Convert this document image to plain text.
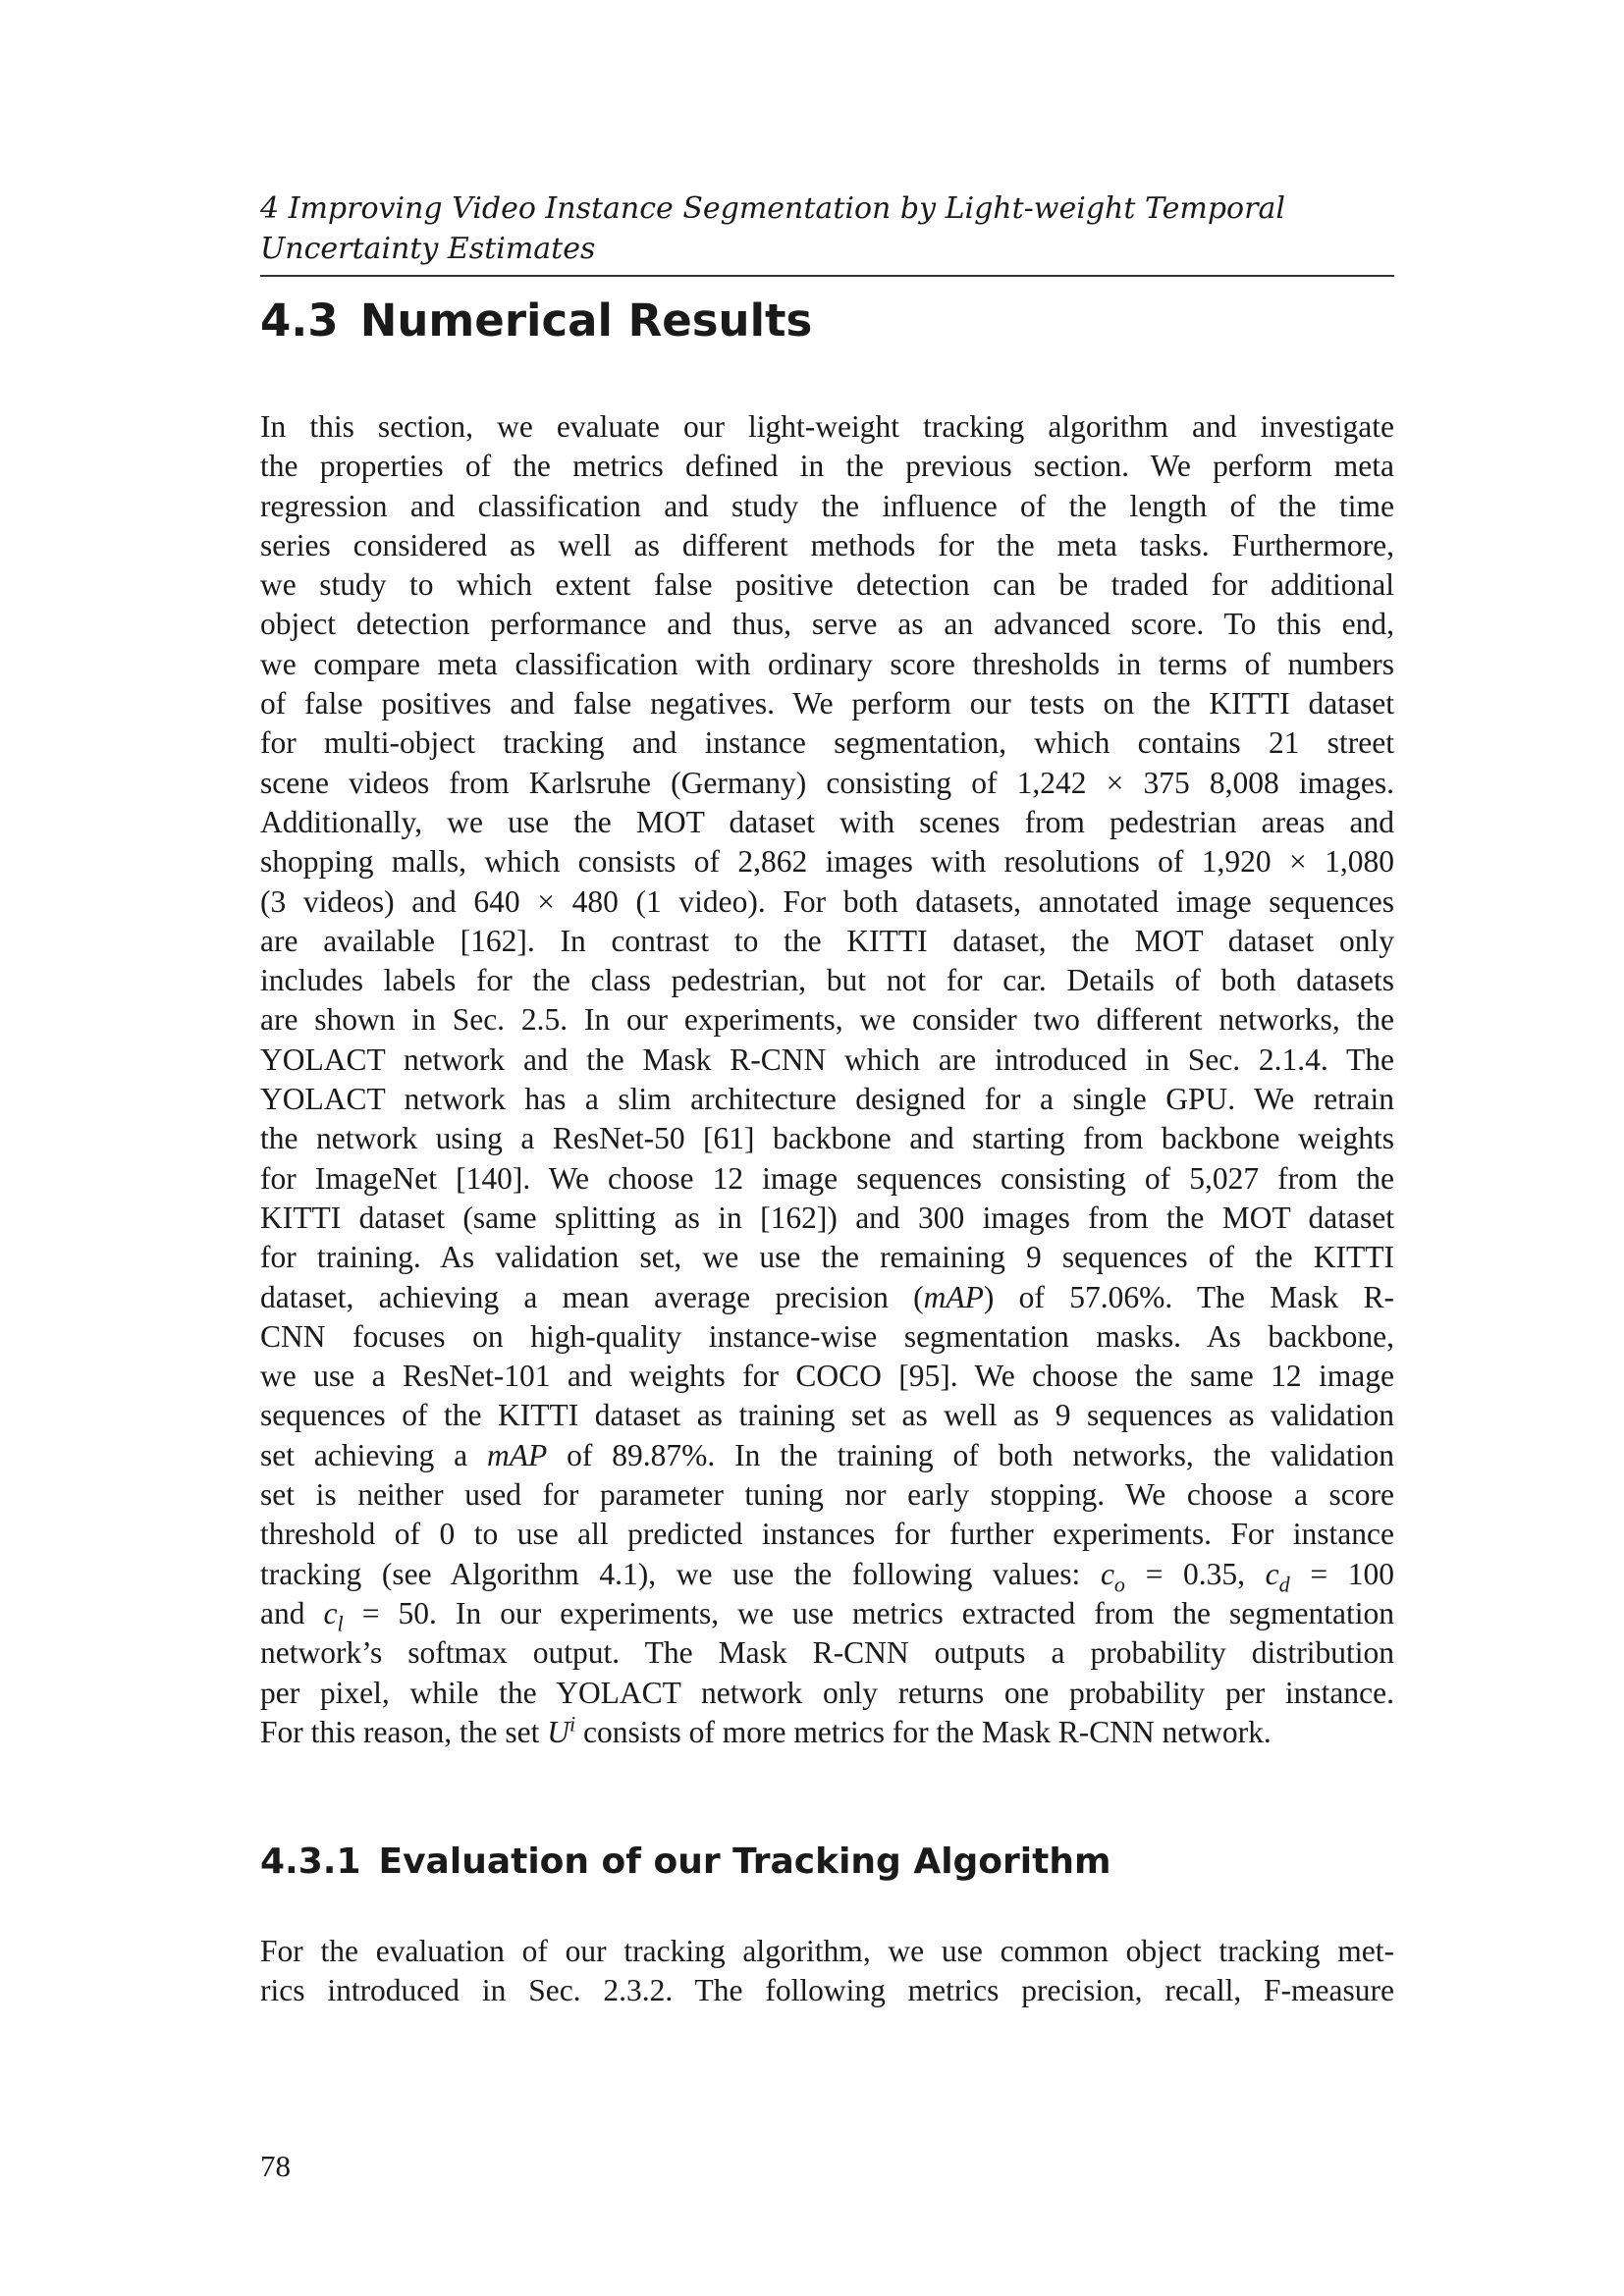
4 Improving Video Instance Segmentation by Light-weight Temporal
Uncertainty Estimates
4.3 Numerical Results

In this section, we evaluate our light-weight tracking algorithm and investigate
the properties of the metrics defined in the previous section. We perform meta
regression and classification and study the influence of the length of the time
series considered as well as different methods for the meta tasks. Furthermore,
we study to which extent false positive detection can be traded for additional
object detection performance and thus, serve as an advanced score. To this end,
we compare meta classification with ordinary score thresholds in terms of numbers
of false positives and false negatives. We perform our tests on the KITTI dataset
for multi-object tracking and instance segmentation, which contains 21 street
scene videos from Karlsruhe (Germany) consisting of 1,242 × 375 8,008 images.
Additionally, we use the MOT dataset with scenes from pedestrian areas and
shopping malls, which consists of 2,862 images with resolutions of 1,920 × 1,080
(3 videos) and 640 × 480 (1 video). For both datasets, annotated image sequences
are available [162]. In contrast to the KITTI dataset, the MOT dataset only
includes labels for the class pedestrian, but not for car. Details of both datasets
are shown in Sec. 2.5. In our experiments, we consider two different networks, the
YOLACT network and the Mask R-CNN which are introduced in Sec. 2.1.4. The
YOLACT network has a slim architecture designed for a single GPU. We retrain
the network using a ResNet-50 [61] backbone and starting from backbone weights
for ImageNet [140]. We choose 12 image sequences consisting of 5,027 from the
KITTI dataset (same splitting as in [162]) and 300 images from the MOT dataset
for training. As validation set, we use the remaining 9 sequences of the KITTI
dataset, achieving a mean average precision (mAP) of 57.06%. The Mask R-
CNN focuses on high-quality instance-wise segmentation masks. As backbone,
we use a ResNet-101 and weights for COCO [95]. We choose the same 12 image
sequences of the KITTI dataset as training set as well as 9 sequences as validation
set achieving a mAP of 89.87%. In the training of both networks, the validation
set is neither used for parameter tuning nor early stopping. We choose a score
threshold of 0 to use all predicted instances for further experiments. For instance
tracking (see Algorithm 4.1), we use the following values: $c_o = 0.35$, $c_d = 100$
and $c_l = 50$. In our experiments, we use metrics extracted from the segmentation
network’s softmax output. The Mask R-CNN outputs a probability distribution
per pixel, while the YOLACT network only returns one probability per instance.
For this reason, the set $U^i$ consists of more metrics for the Mask R-CNN network.

4.3.1 Evaluation of our Tracking Algorithm

For the evaluation of our tracking algorithm, we use common object tracking met-
rics introduced in Sec. 2.3.2. The following metrics precision, recall, F-measure

78
